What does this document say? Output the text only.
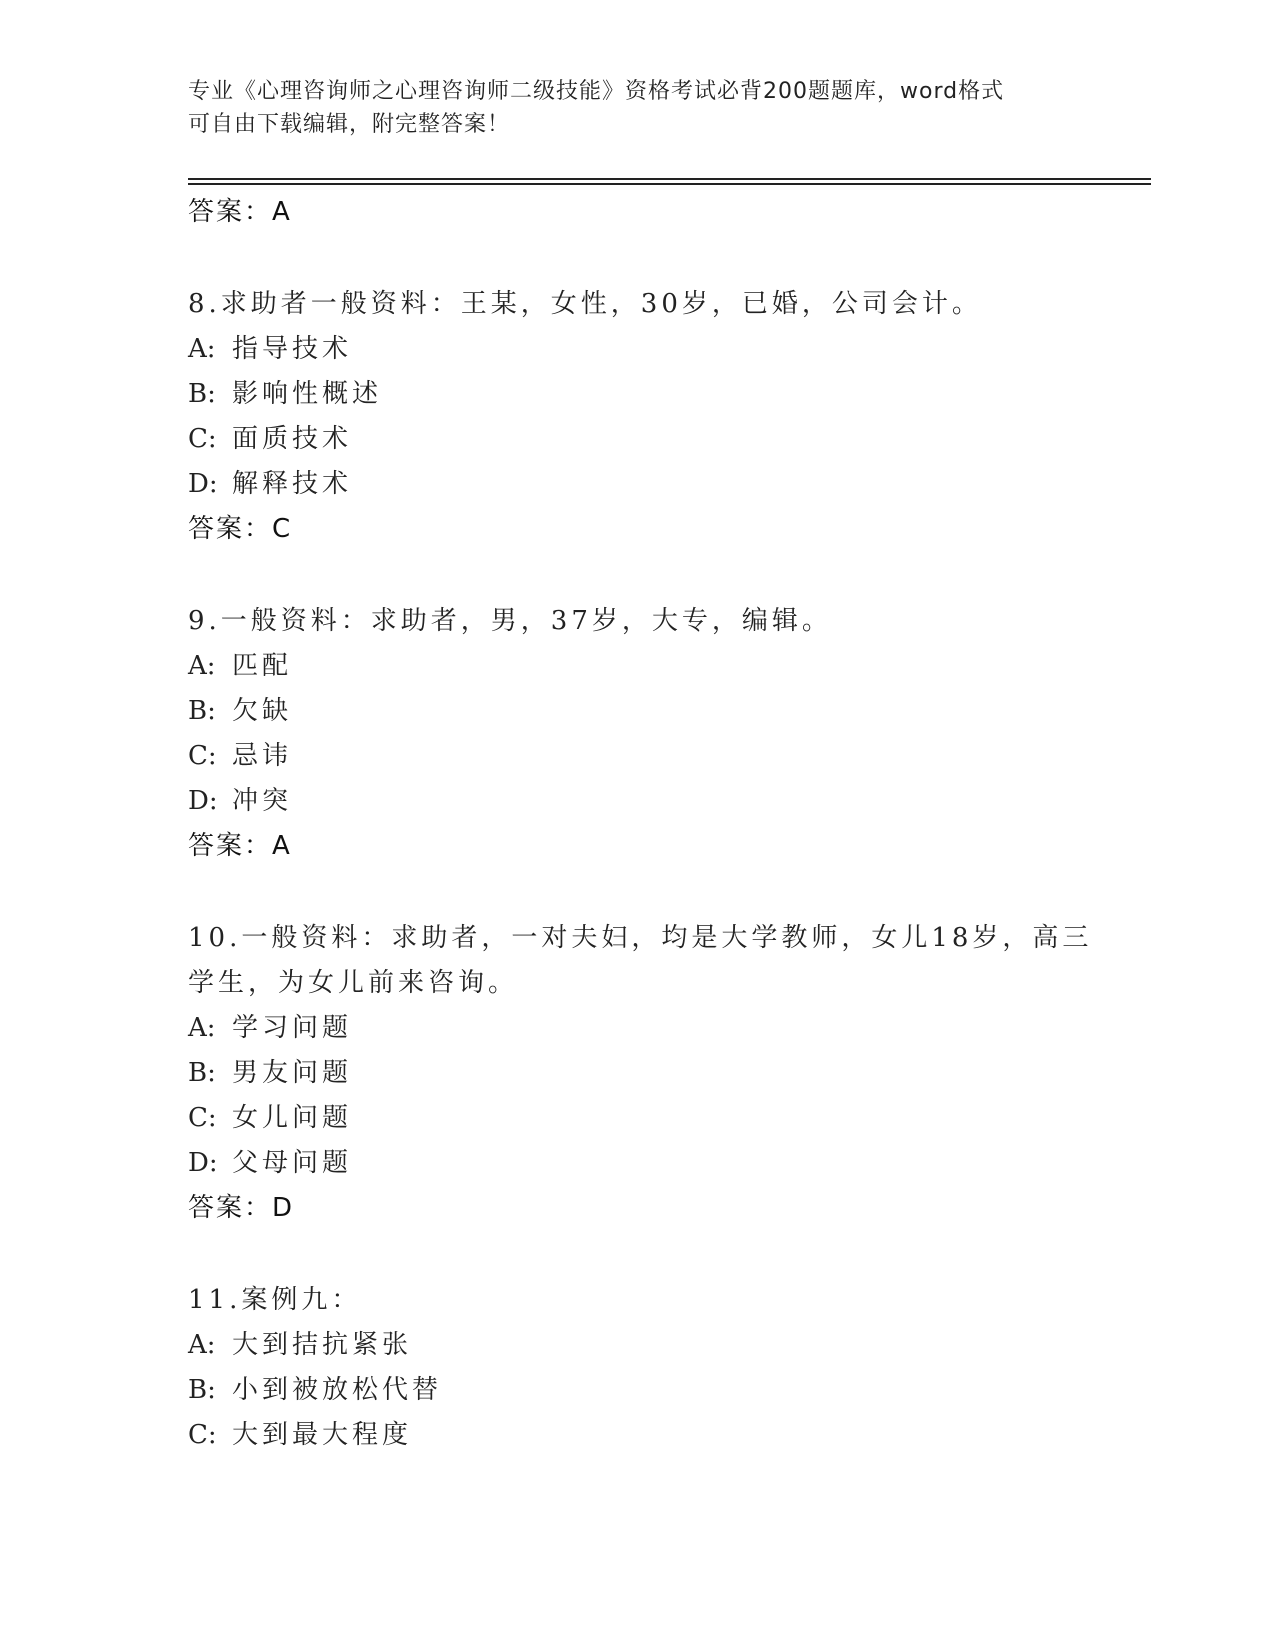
专业《心理咨询师之心理咨询师二级技能》资格考试必背200题题库，word格式
可自由下载编辑，附完整答案！
答案：A
8.求助者一般资料：王某，女性，30岁，已婚，公司会计。
A: 指导技术
B: 影响性概述
C: 面质技术
D: 解释技术
答案：C
9.一般资料：求助者，男，37岁，大专，编辑。
A: 匹配
B: 欠缺
C: 忌讳
D: 冲突
答案：A
10.一般资料：求助者，一对夫妇，均是大学教师，女儿18岁，高三学生，为女儿前来咨询。
A: 学习问题
B: 男友问题
C: 女儿问题
D: 父母问题
答案：D
11.案例九：
A: 大到拮抗紧张
B: 小到被放松代替
C: 大到最大程度
